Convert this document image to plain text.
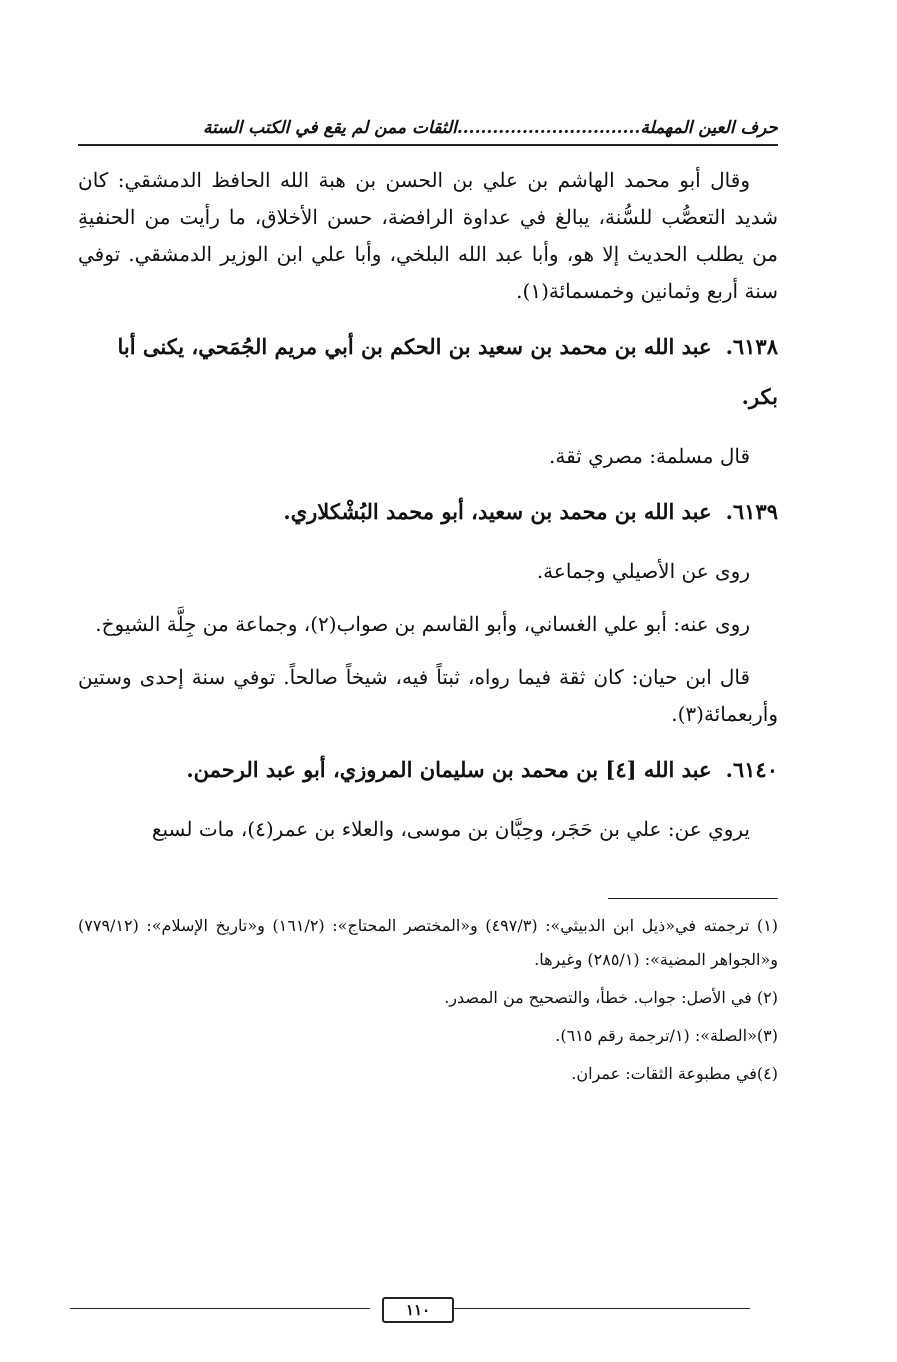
حرف العين المهملة...............................الثقات ممن لم يقع في الكتب الستة

وقال أبو محمد الهاشم بن علي بن الحسن بن هبة الله الحافظ الدمشقي: كان شديد التعصُّب للسُّنة، يبالغ في عداوة الرافضة، حسن الأخلاق، ما رأيت من الحنفيةِ من يطلب الحديث إلا هو، وأبا عبد الله البلخي، وأبا علي ابن الوزير الدمشقي. توفي سنة أربع وثمانين وخمسمائة(١).

٦١٣٨.عبد الله بن محمد بن سعيد بن الحكم بن أبي مريم الجُمَحي، يكنى أبا بكر.

قال مسلمة: مصري ثقة.

٦١٣٩.عبد الله بن محمد بن سعيد، أبو محمد البُشْكلاري.

روى عن الأصيلي وجماعة.

روى عنه: أبو علي الغساني، وأبو القاسم بن صواب(٢)، وجماعة من جِلَّة الشيوخ.

قال ابن حيان: كان ثقة فيما رواه، ثبتاً فيه، شيخاً صالحاً. توفي سنة إحدى وستين وأربعمائة(٣).

٦١٤٠.عبد الله [٤] بن محمد بن سليمان المروزي، أبو عبد الرحمن.

يروي عن: علي بن حَجَر، وحِبَّان بن موسى، والعلاء بن عمر(٤)، مات لسبع

(١) ترجمته في«ذيل ابن الدبيثي»: (٤٩٧/٣) و«المختصر المحتاج»: (١٦١/٢) و«تاريخ الإسلام»: (٧٧٩/١٢) و«الجواهر المضية»: (٢٨٥/١) وغيرها.

(٢) في الأصل: جواب. خطأ، والتصحيح من المصدر.

(٣)«الصلة»: (١/ترجمة رقم ٦١٥).

(٤)في مطبوعة الثقات: عمران.

١١٠
